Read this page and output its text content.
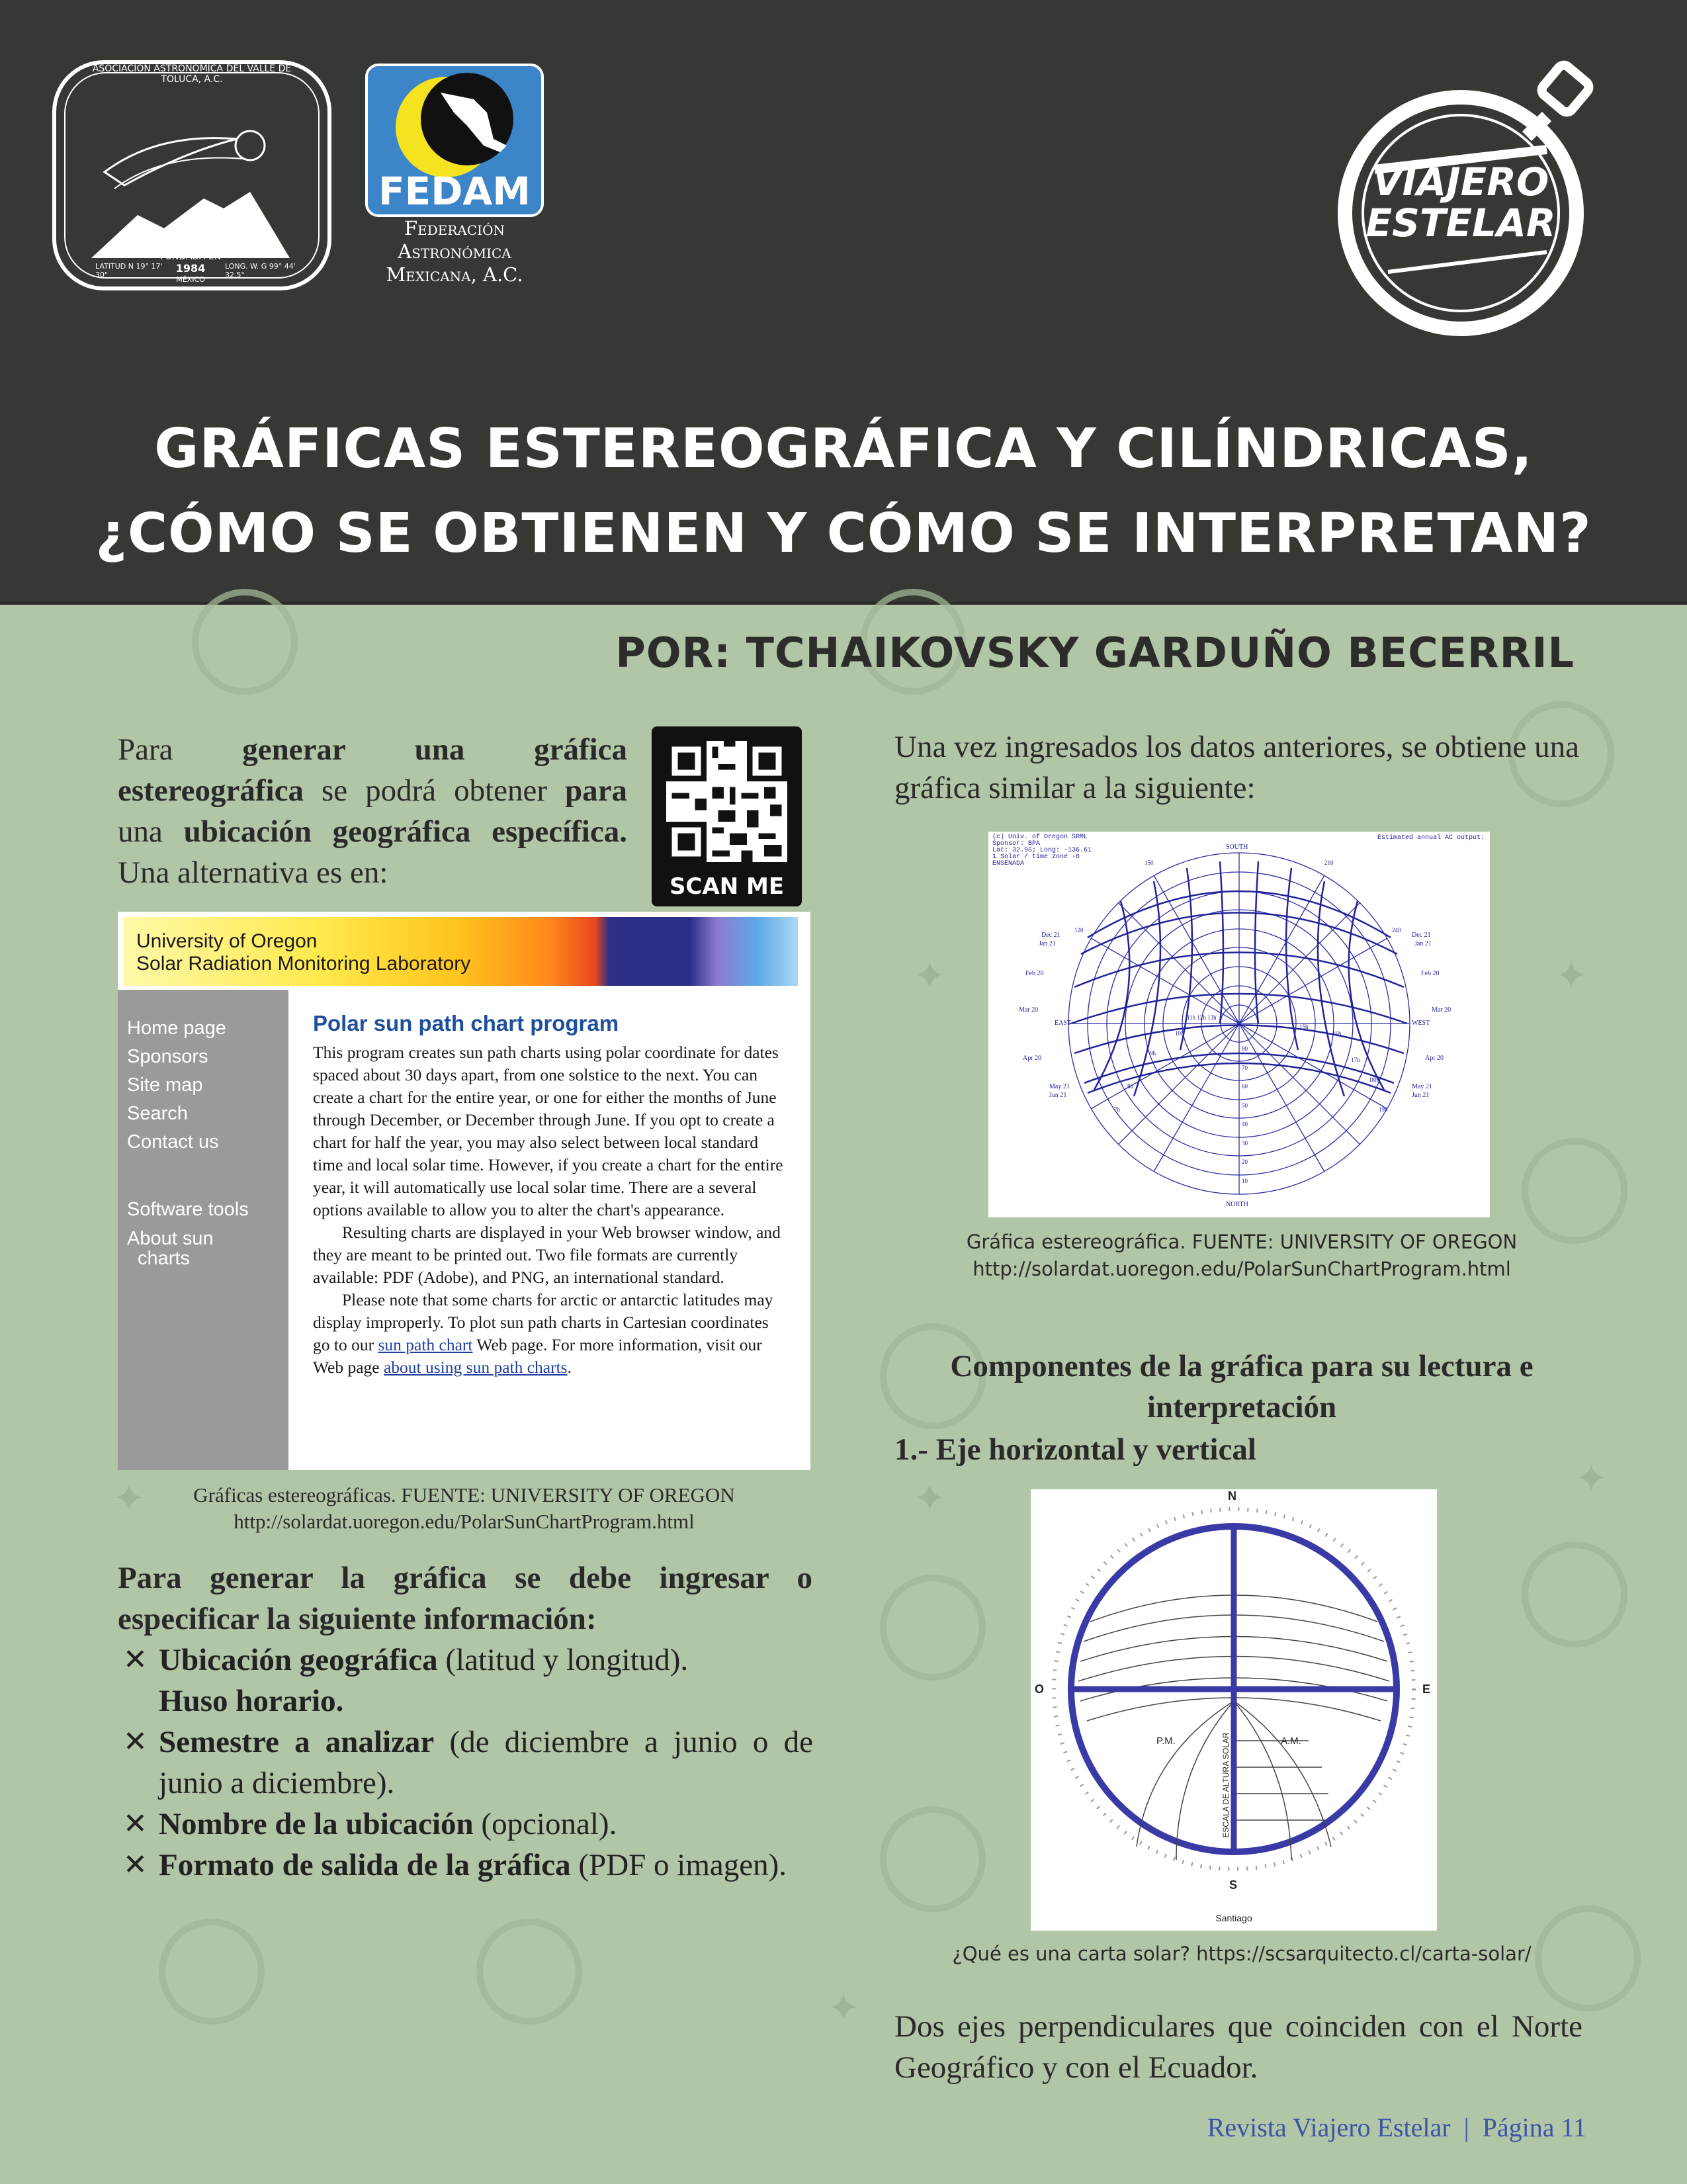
ASOCIACIÓN ASTRONÓMICA DEL VALLE DE TOLUCA, A.C.
FUNDADA EN
1984
LATITUD N 19° 17' 30"
MÉXICO
LONG. W. G 99° 44' 32.5"
FEDAM
Federación
Astronómica
Mexicana, A.C.
VIAJERO
ESTELAR
GRÁFICAS ESTEREOGRÁFICA Y CILÍNDRICAS,
¿CÓMO SE OBTIENEN Y CÓMO SE INTERPRETAN?
✦	✦
✦	✦
✦
✦
POR: TCHAIKOVSKY GARDUÑO BECERRIL
Para generar una gráfica estereográfica se podrá obtener para una ubicación geográfica específica. Una alternativa es en:	SCAN ME
University of Oregon
Solar Radiation Monitoring Laboratory
Home page
Sponsors
Site map
Search
Contact us
Software tools
About sun
charts
Polar sun path chart program
This program creates sun path charts using polar coordinate for dates spaced about 30 days apart, from one solstice to the next. You can create a chart for the entire year, or one for either the months of June through December, or December through June. If you opt to create a chart for half the year, you may also select between local standard time and local solar time. However, if you create a chart for the entire year, it will automatically use local solar time. There are a several options available to allow you to alter the chart's appearance.
Resulting charts are displayed in your Web browser window, and they are meant to be printed out. Two file formats are currently available: PDF (Adobe), and PNG, an international standard.
Please note that some charts for arctic or antarctic latitudes may display improperly. To plot sun path charts in Cartesian coordinates go to our sun path chart Web page. For more information, visit our Web page about using sun path charts.
Gráficas estereográficas. FUENTE: UNIVERSITY OF OREGON
http://solardat.uoregon.edu/PolarSunChartProgram.html
Para generar la gráfica se debe ingresar o especificar la siguiente información:
✕ Ubicación geográfica (latitud y longitud).
Huso horario.
✕ Semestre a analizar (de diciembre a junio o de junio a diciembre).
✕ Nombre de la ubicación (opcional).
✕ Formato de salida de la gráfica (PDF o imagen).
Una vez ingresados los datos anteriores, se obtiene una gráfica similar a la siguiente:
(c) Univ. of Oregon SRML
Sponsor: BPA
Lat: 32.9S; Long: -136.61
1 Solar / time zone -6
ENSENADA
Estimated annual AC output:
SOUTH
NORTH
EAST	WEST
Dec 21
Jan 21
Feb 20
Mar 20
Apr 20
May 21
Jun 21
Dec 21
Jan 21
Feb 20
Mar 20
Apr 20
May 21
Jun 21
11h 12h 13h
15h
16h
17h
18h
19h
7h
8h
9h
10h
80
70
60
50
40
30
20
10
150	210
240
120
Gráfica estereográfica. FUENTE: UNIVERSITY OF OREGON
http://solardat.uoregon.edu/PolarSunChartProgram.html
Componentes de la gráfica para su lectura e interpretación
1.- Eje horizontal y vertical
N
S
E
O
P.M.	A.M.
ESCALA DE ALTURA SOLAR
Santiago
¿Qué es una carta solar? https://scsarquitecto.cl/carta-solar/
Dos ejes perpendiculares que coinciden con el Norte Geográfico y con el Ecuador.
Revista Viajero Estelar | Página 11
